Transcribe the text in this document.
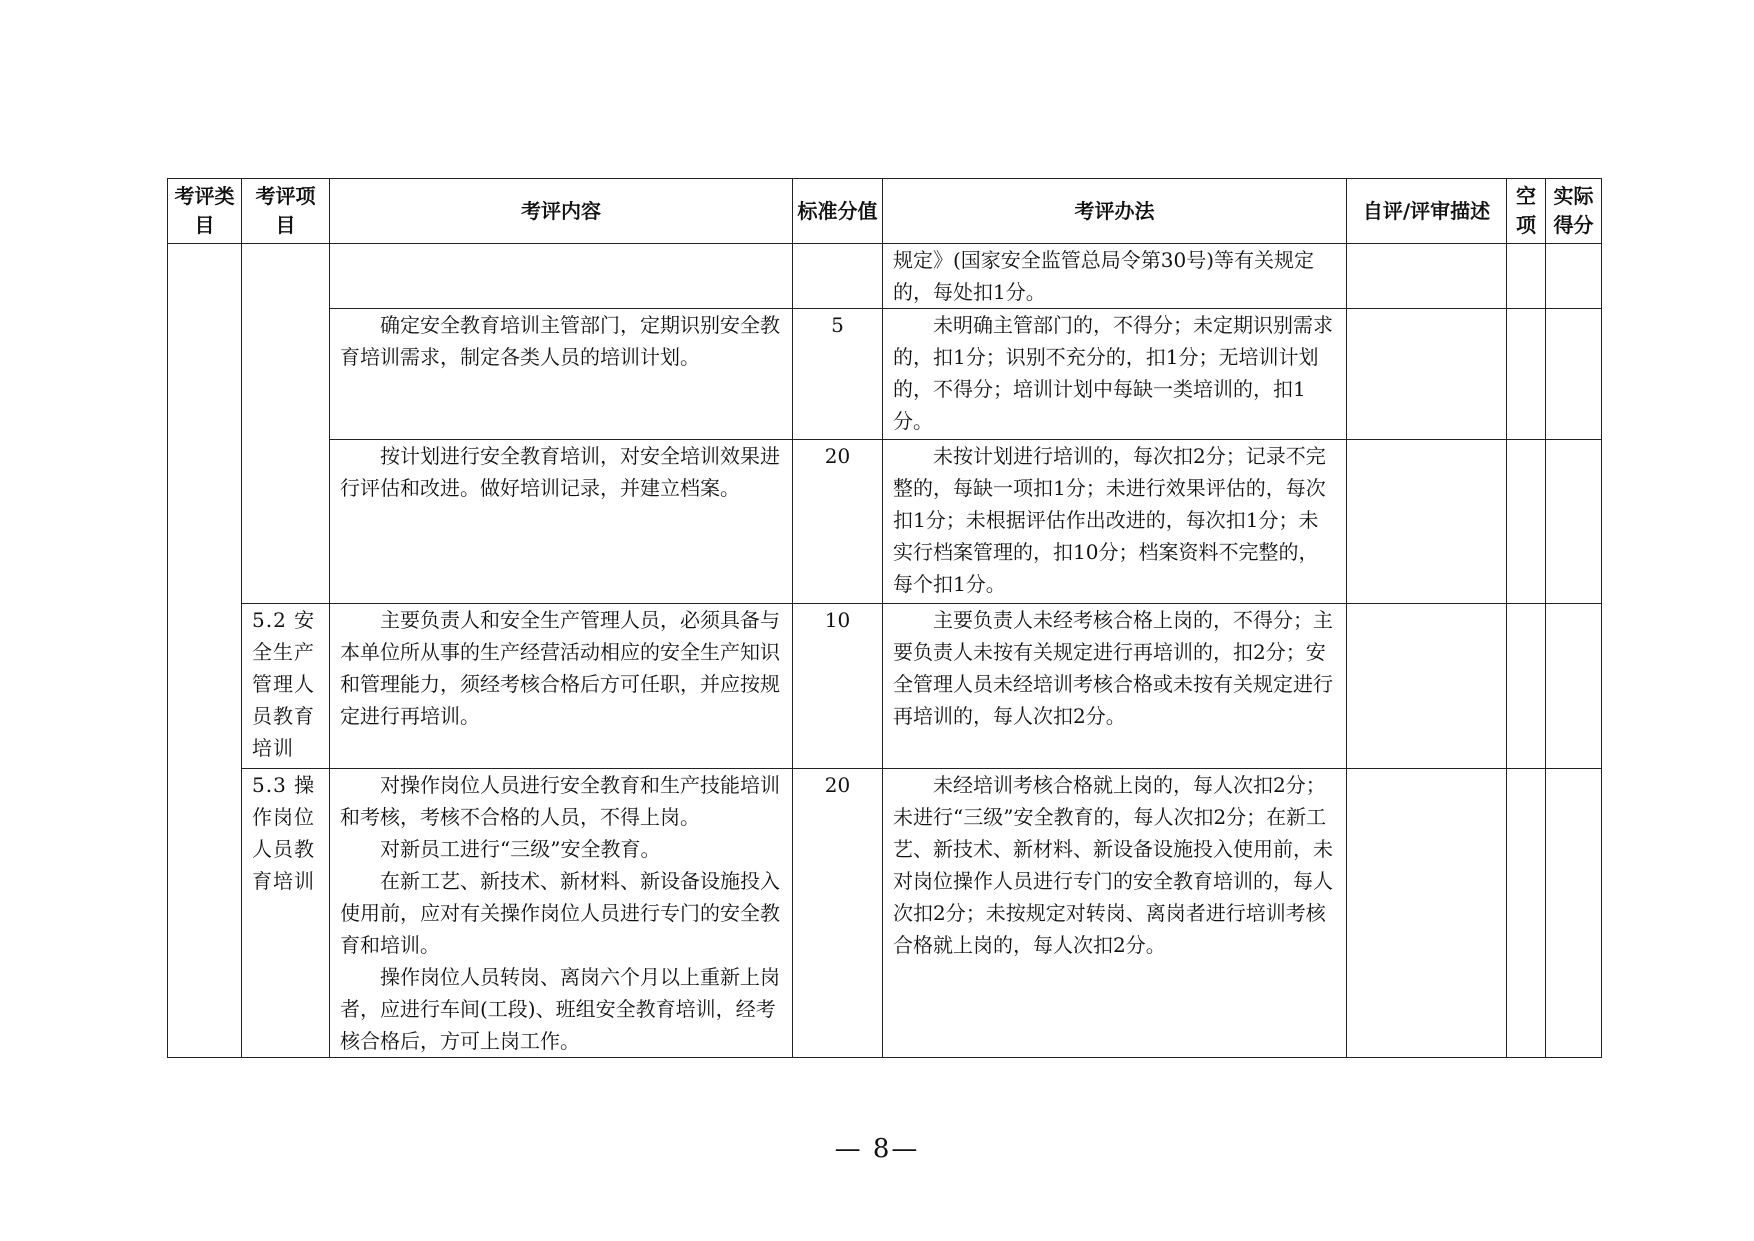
考评类目	考评项目	考评内容	标准分值	考评办法	自评/评审描述	空项	实际得分

				规定》(国家安全监管总局令第30号)等有关规定的，每处扣1分。			

		确定安全教育培训主管部门，定期识别安全教育培训需求，制定各类人员的培训计划。	5	未明确主管部门的，不得分；未定期识别需求的，扣1分；识别不充分的，扣1分；无培训计划的，不得分；培训计划中每缺一类培训的，扣1分。			

		按计划进行安全教育培训，对安全培训效果进行评估和改进。做好培训记录，并建立档案。	20	未按计划进行培训的，每次扣2分；记录不完整的，每缺一项扣1分；未进行效果评估的，每次扣1分；未根据评估作出改进的，每次扣1分；未实行档案管理的，扣10分；档案资料不完整的，每个扣1分。			

	5.2 安全生产管理人员教育培训	主要负责人和安全生产管理人员，必须具备与本单位所从事的生产经营活动相应的安全生产知识和管理能力，须经考核合格后方可任职，并应按规定进行再培训。	10	主要负责人未经考核合格上岗的，不得分；主要负责人未按有关规定进行再培训的，扣2分；安全管理人员未经培训考核合格或未按有关规定进行再培训的，每人次扣2分。			

	5.3 操作岗位人员教育培训	对操作岗位人员进行安全教育和生产技能培训和考核，考核不合格的人员，不得上岗。

对新员工进行“三级”安全教育。

在新工艺、新技术、新材料、新设备设施投入使用前，应对有关操作岗位人员进行专门的安全教育和培训。

操作岗位人员转岗、离岗六个月以上重新上岗者，应进行车间(工段)、班组安全教育培训，经考核合格后，方可上岗工作。	20	未经培训考核合格就上岗的，每人次扣2分；未进行“三级”安全教育的，每人次扣2分；在新工艺、新技术、新材料、新设备设施投入使用前，未对岗位操作人员进行专门的安全教育培训的，每人次扣2分；未按规定对转岗、离岗者进行培训考核合格就上岗的，每人次扣2分。			

— 8—
